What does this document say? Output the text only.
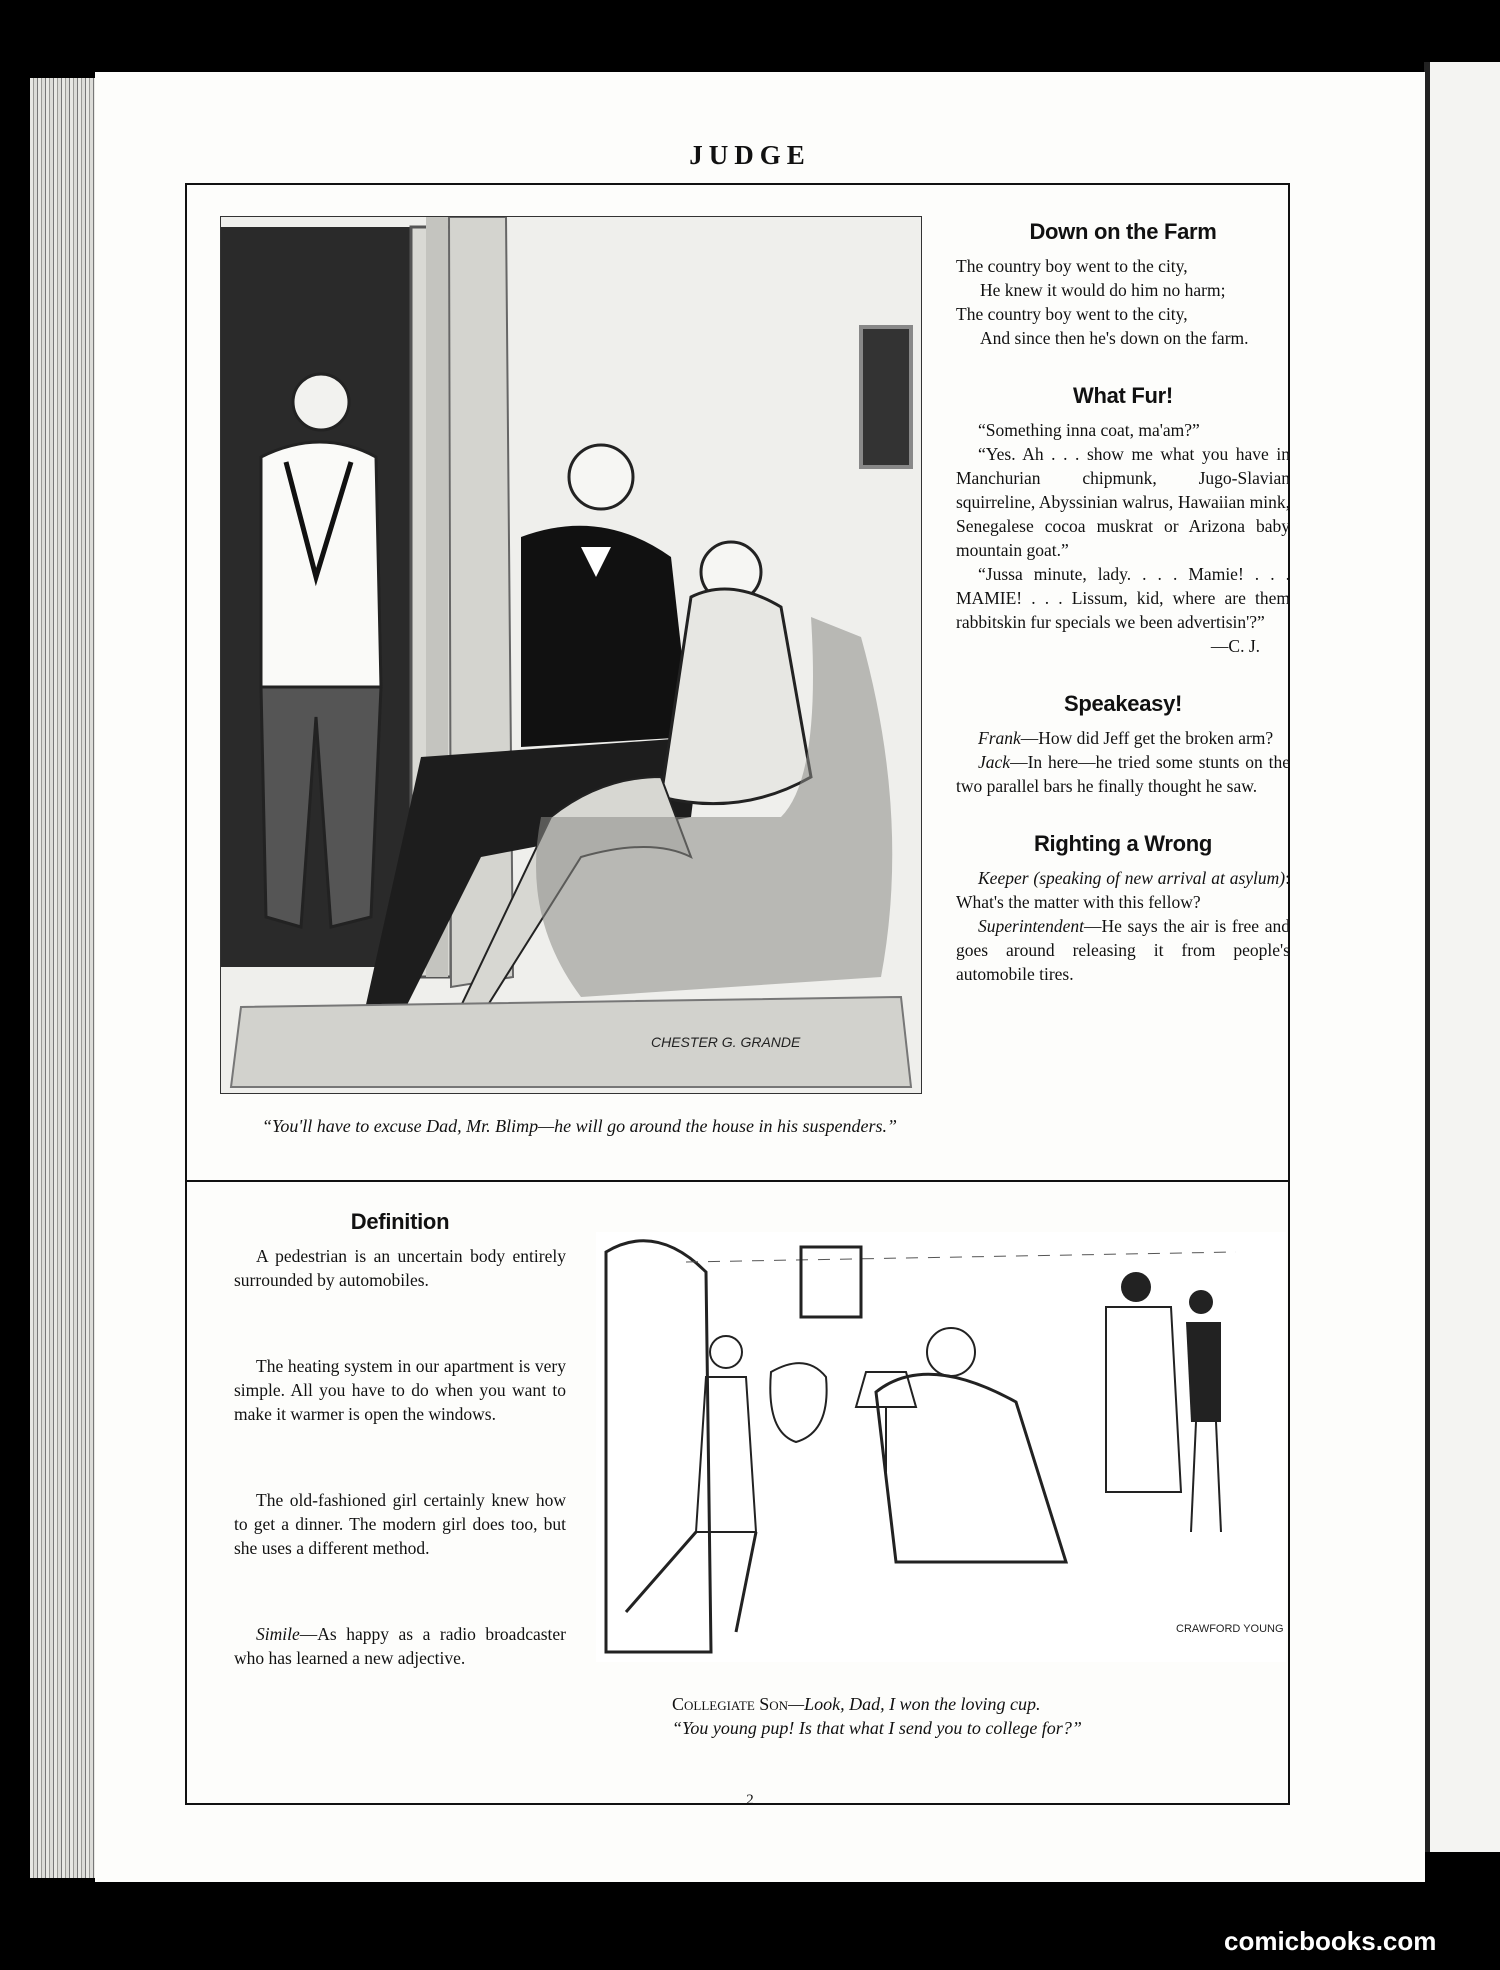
JUDGE
CHESTER G. GRANDE
“You'll have to excuse Dad, Mr. Blimp—he will go around the house in his suspenders.”
Down on the Farm

The country boy went to the city,

He knew it would do him no harm;

The country boy went to the city,

And since then he's down on the farm.

What Fur!

“Something inna coat, ma'am?”

“Yes. Ah . . . show me what you have in Manchurian chipmunk, Jugo-Slavian squirreline, Abyssinian walrus, Hawaiian mink, Senegalese cocoa muskrat or Arizona baby mountain goat.”

“Jussa minute, lady. . . . Mamie! . . . MAMIE! . . . Lissum, kid, where are them rabbitskin fur specials we been advertisin'?”

—C. J.

Speakeasy!

Frank—How did Jeff get the broken arm?

Jack—In here—he tried some stunts on the two parallel bars he finally thought he saw.

Righting a Wrong

Keeper (speaking of new arrival at asylum): What's the matter with this fellow?

Superintendent—He says the air is free and goes around releasing it from people's automobile tires.

Definition

A pedestrian is an uncertain body entirely surrounded by automobiles.

The heating system in our apartment is very simple. All you have to do when you want to make it warmer is open the windows.

The old-fashioned girl certainly knew how to get a dinner. The modern girl does too, but she uses a different method.

Simile—As happy as a radio broadcaster who has learned a new adjective.

CRAWFORD YOUNG
Collegiate Son—Look, Dad, I won the loving cup.
“You young pup! Is that what I send you to college for?”
2
comicbooks.com
